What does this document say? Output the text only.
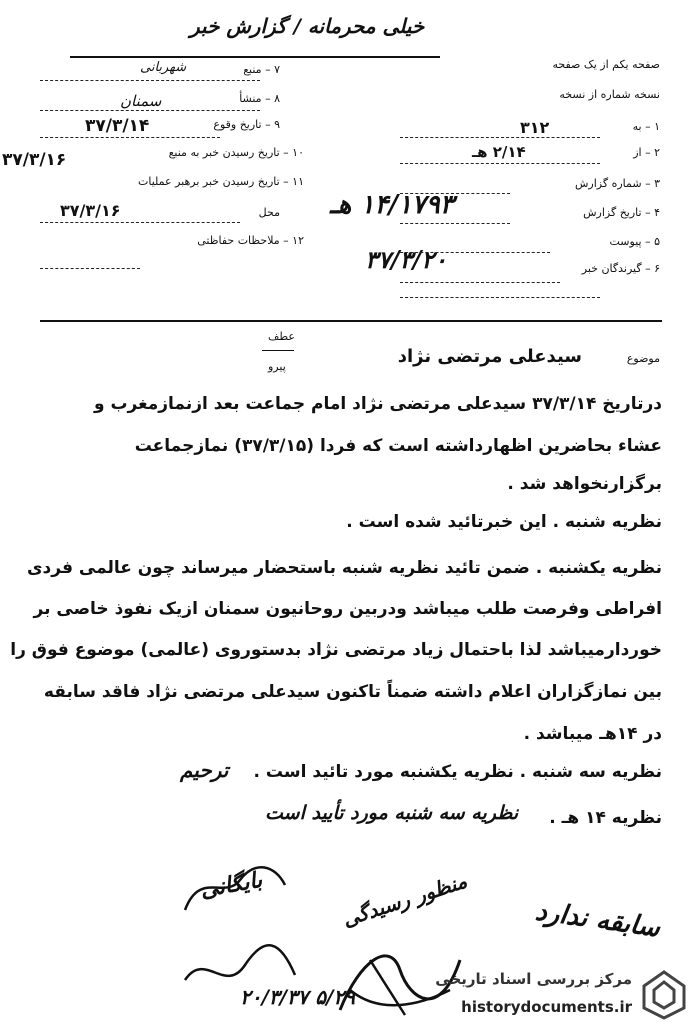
خیلی محرمانه / گزارش خبر
صفحه یکم از یک صفحه
نسخه شماره از نسخه
۷ – منبع
شهربانی
۸ – منشأ
سمنان
۹ – تاریخ وقوع
۳۷/۳/۱۴
۱۰ – تاریخ رسیدن خبر به منبع
۳۷/۳/۱۶
۱۱ – تاریخ رسیدن خبر برهبر عملیات
محل
۳۷/۳/۱۶
۱۲ – ملاحظات حفاظتی
۱ – به
۳۱۲
۲ – از
۲/۱۴ هـ
۳ – شماره گزارش
۱۴/۱۷۹۳ هـ	۴ – تاریخ گزارش
۳۷/۳/۲۰
۵ – پیوست
۶ – گیرندگان خبر
عطف
پیرو
موضوع
سیدعلی مرتضی نژاد
درتاریخ ۳۷/۳/۱۴ سیدعلی مرتضی نژاد امام جماعت بعد ازنمازمغرب و
عشاء بحاضرین اظهارداشته است که فردا (۳۷/۳/۱۵) نمازجماعت
برگزارنخواهد شد .
نظریه شنبه . این خبرتائید شده است .
نظریه یکشنبه . ضمن تائید نظریه شنبه باستحضار میرساند چون عالمی فردی
افراطی وفرصت طلب میباشد ودربین روحانیون سمنان ازیک نفوذ خاصی بر
خوردارمیباشد لذا باحتمال زیاد مرتضی نژاد بدستوروی (عالمی) موضوع فوق را
بین نمازگزاران اعلام داشته ضمناً تاکنون سیدعلی مرتضی نژاد فاقد سابقه
در ۱۴هـ میباشد .
نظریه سه شنبه . نظریه یکشنبه مورد تائید است .
نظریه ۱۴ هـ .
ترحیم
نظریه سه شنبه مورد تأیید است
سابقه ندارد
منظور رسیدگی
بایگانی
۲۰/۳/۳۷ ۵/۲۹
مرکز بررسی اسناد تاریخی
historydocuments.ir
